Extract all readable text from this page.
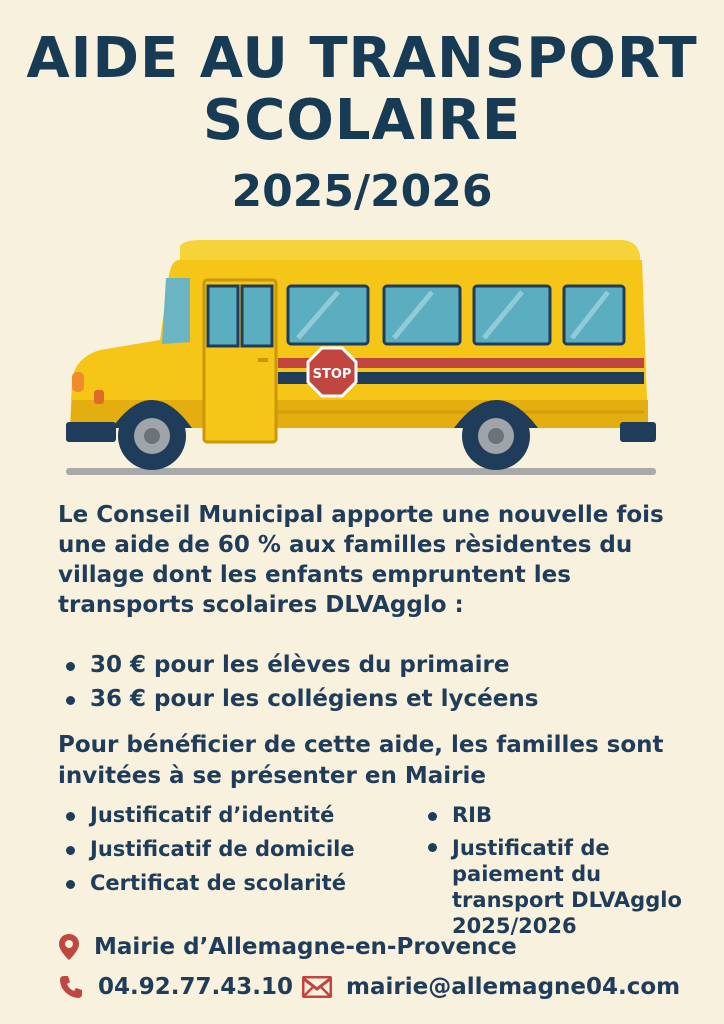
AIDE AU TRANSPORT SCOLAIRE
2025/2026
STOP
Le Conseil Municipal apporte une nouvelle fois une aide de 60 % aux familles rèsidentes du village dont les enfants empruntent les transports scolaires DLVAgglo :
30 € pour les élèves du primaire
36 € pour les collégiens et lycéens
Pour bénéficier de cette aide, les familles sont invitées à se présenter en Mairie
Justificatif d’identité
Justificatif de domicile
Certificat de scolarité
RIB
Justificatif de paiement du transport DLVAgglo 2025/2026
Mairie d’Allemagne-en-Provence
04.92.77.43.10 mairie@allemagne04.com
